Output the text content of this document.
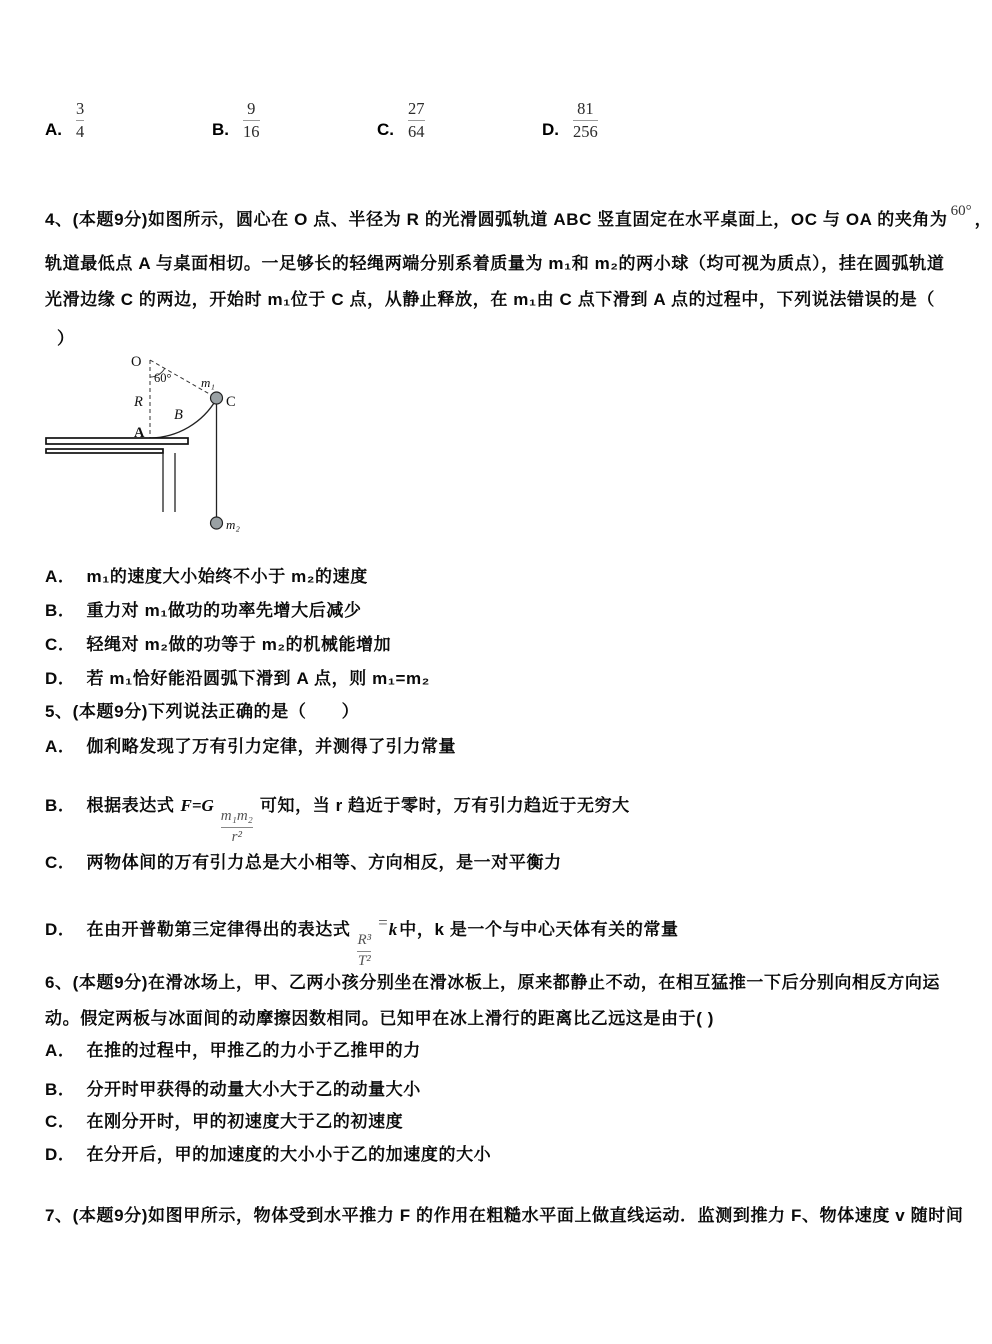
A.
3
4	B.
9
16	C.
27
64	D.
81
256
4、(本题9分)如图所示，圆心在 O 点、半径为 R 的光滑圆弧轨道 ABC 竖直固定在水平桌面上，OC 与 OA 的夹角为 60° ，
轨道最低点 A 与桌面相切。一足够长的轻绳两端分别系着质量为 m₁和 m₂的两小球（均可视为质点），挂在圆弧轨道
光滑边缘 C 的两边，开始时 m₁位于 C 点，从静止释放，在 m₁由 C 点下滑到 A 点的过程中，下列说法错误的是（
）
O
60°
R
A
B
C
m₁
m₂
A． m₁的速度大小始终不小于 m₂的速度
B． 重力对 m₁做功的功率先增大后减少
C． 轻绳对 m₂做的功等于 m₂的机械能增加
D． 若 m₁恰好能沿圆弧下滑到 A 点，则 m₁=m₂
5、(本题9分)下列说法正确的是（　　）
A． 伽利略发现了万有引力定律，并测得了引力常量
B． 根据表达式 F=G
$\frac{\text{m₁m₂}}{\text{r²}}$
可知，当 r 趋近于零时，万有引力趋近于无穷大
C． 两物体间的万有引力总是大小相等、方向相反，是一对平衡力
D． 在由开普勒第三定律得出的表达式
$\frac{\text{R³}}{\text{T²}}$
=k 中，k 是一个与中心天体有关的常量
6、(本题9分)在滑冰场上，甲、乙两小孩分别坐在滑冰板上，原来都静止不动，在相互猛推一下后分别向相反方向运
动。假定两板与冰面间的动摩擦因数相同。已知甲在冰上滑行的距离比乙远这是由于( )
A． 在推的过程中，甲推乙的力小于乙推甲的力
B． 分开时甲获得的动量大小大于乙的动量大小
C． 在刚分开时，甲的初速度大于乙的初速度
D． 在分开后，甲的加速度的大小小于乙的加速度的大小
7、(本题9分)如图甲所示，物体受到水平推力 F 的作用在粗糙水平面上做直线运动．监测到推力 F、物体速度 v 随时间
